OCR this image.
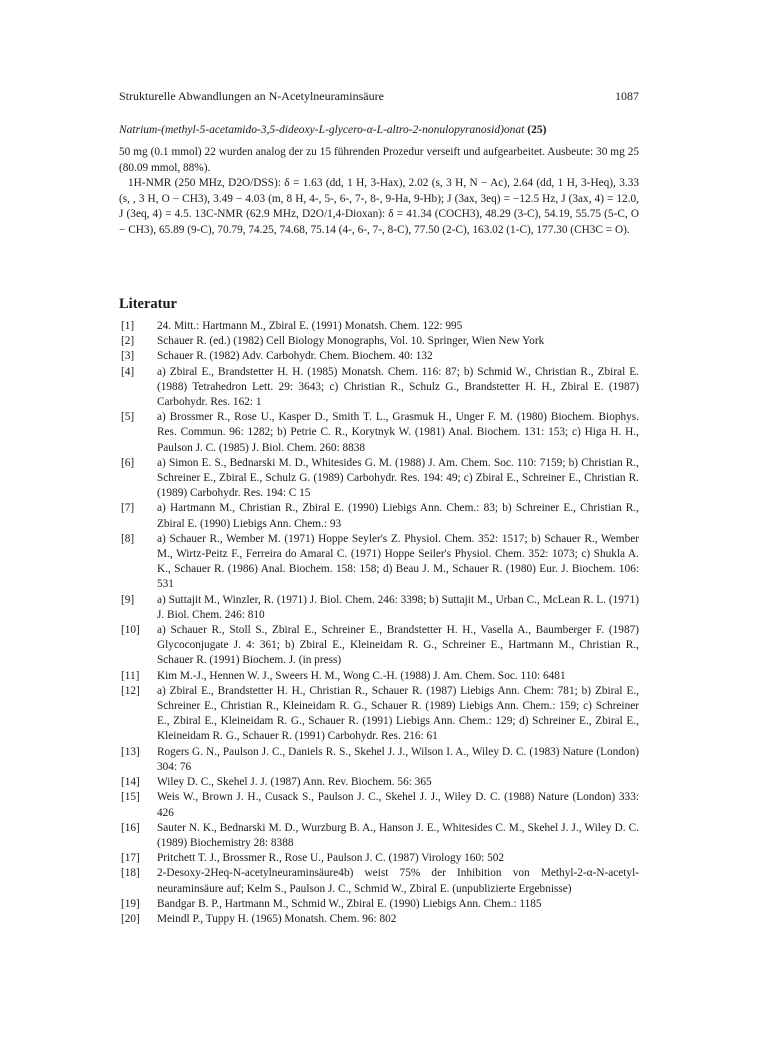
Strukturelle Abwandlungen an N-Acetylneuraminsäure	1087
Natrium-(methyl-5-acetamido-3,5-dideoxy-L-glycero-α-L-altro-2-nonulopyranosid)onat (25)

50 mg (0.1 mmol) 22 wurden analog der zu 15 führenden Prozedur verseift und aufgearbeitet. Ausbeute: 30 mg 25 (80.09 mmol, 88%).

1H-NMR (250 MHz, D2O/DSS): δ = 1.63 (dd, 1 H, 3-Hax), 2.02 (s, 3 H, N − Ac), 2.64 (dd, 1 H, 3-Heq), 3.33 (s, , 3 H, O − CH3), 3.49 − 4.03 (m, 8 H, 4-, 5-, 6-, 7-, 8-, 9-Ha, 9-Hb); J (3ax, 3eq) = −12.5 Hz, J (3ax, 4) = 12.0, J (3eq, 4) = 4.5. 13C-NMR (62.9 MHz, D2O/1,4-Dioxan): δ = 41.34 (COCH3), 48.29 (3-C), 54.19, 55.75 (5-C, O − CH3), 65.89 (9-C), 70.79, 74.25, 74.68, 75.14 (4-, 6-, 7-, 8-C), 77.50 (2-C), 163.02 (1-C), 177.30 (CH3C = O).

Literatur
[1]	24. Mitt.: Hartmann M., Zbiral E. (1991) Monatsh. Chem. 122: 995
[2]	Schauer R. (ed.) (1982) Cell Biology Monographs, Vol. 10. Springer, Wien New York
[3]	Schauer R. (1982) Adv. Carbohydr. Chem. Biochem. 40: 132
[4]	a) Zbiral E., Brandstetter H. H. (1985) Monatsh. Chem. 116: 87; b) Schmid W., Christian R., Zbiral E. (1988) Tetrahedron Lett. 29: 3643; c) Christian R., Schulz G., Brandstetter H. H., Zbiral E. (1987) Carbohydr. Res. 162: 1
[5]	a) Brossmer R., Rose U., Kasper D., Smith T. L., Grasmuk H., Unger F. M. (1980) Biochem. Biophys. Res. Commun. 96: 1282; b) Petrie C. R., Korytnyk W. (1981) Anal. Biochem. 131: 153; c) Higa H. H., Paulson J. C. (1985) J. Biol. Chem. 260: 8838
[6]	a) Simon E. S., Bednarski M. D., Whitesides G. M. (1988) J. Am. Chem. Soc. 110: 7159; b) Christian R., Schreiner E., Zbiral E., Schulz G. (1989) Carbohydr. Res. 194: 49; c) Zbiral E., Schreiner E., Christian R. (1989) Carbohydr. Res. 194: C 15
[7]	a) Hartmann M., Christian R., Zbiral E. (1990) Liebigs Ann. Chem.: 83; b) Schreiner E., Christian R., Zbiral E. (1990) Liebigs Ann. Chem.: 93
[8]	a) Schauer R., Wember M. (1971) Hoppe Seyler's Z. Physiol. Chem. 352: 1517; b) Schauer R., Wember M., Wirtz-Peitz F., Ferreira do Amaral C. (1971) Hoppe Seiler's Physiol. Chem. 352: 1073; c) Shukla A. K., Schauer R. (1986) Anal. Biochem. 158: 158; d) Beau J. M., Schauer R. (1980) Eur. J. Biochem. 106: 531
[9]	a) Suttajit M., Winzler, R. (1971) J. Biol. Chem. 246: 3398; b) Suttajit M., Urban C., McLean R. L. (1971) J. Biol. Chem. 246: 810
[10]	a) Schauer R., Stoll S., Zbiral E., Schreiner E., Brandstetter H. H., Vasella A., Baumberger F. (1987) Glycoconjugate J. 4: 361; b) Zbiral E., Kleineidam R. G., Schreiner E., Hartmann M., Christian R., Schauer R. (1991) Biochem. J. (in press)
[11]	Kim M.-J., Hennen W. J., Sweers H. M., Wong C.-H. (1988) J. Am. Chem. Soc. 110: 6481
[12]	a) Zbiral E., Brandstetter H. H., Christian R., Schauer R. (1987) Liebigs Ann. Chem: 781; b) Zbiral E., Schreiner E., Christian R., Kleineidam R. G., Schauer R. (1989) Liebigs Ann. Chem.: 159; c) Schreiner E., Zbiral E., Kleineidam R. G., Schauer R. (1991) Liebigs Ann. Chem.: 129; d) Schreiner E., Zbiral E., Kleineidam R. G., Schauer R. (1991) Carbohydr. Res. 216: 61
[13]	Rogers G. N., Paulson J. C., Daniels R. S., Skehel J. J., Wilson I. A., Wiley D. C. (1983) Nature (London) 304: 76
[14]	Wiley D. C., Skehel J. J. (1987) Ann. Rev. Biochem. 56: 365
[15]	Weis W., Brown J. H., Cusack S., Paulson J. C., Skehel J. J., Wiley D. C. (1988) Nature (London) 333: 426
[16]	Sauter N. K., Bednarski M. D., Wurzburg B. A., Hanson J. E., Whitesides C. M., Skehel J. J., Wiley D. C. (1989) Biochemistry 28: 8388
[17]	Pritchett T. J., Brossmer R., Rose U., Paulson J. C. (1987) Virology 160: 502
[18]	2-Desoxy-2Heq-N-acetylneuraminsäure4b) weist 75% der Inhibition von Methyl-2-α-N-acetyl-neuraminsäure auf; Kelm S., Paulson J. C., Schmid W., Zbiral E. (unpublizierte Ergebnisse)
[19]	Bandgar B. P., Hartmann M., Schmid W., Zbiral E. (1990) Liebigs Ann. Chem.: 1185
[20]	Meindl P., Tuppy H. (1965) Monatsh. Chem. 96: 802
